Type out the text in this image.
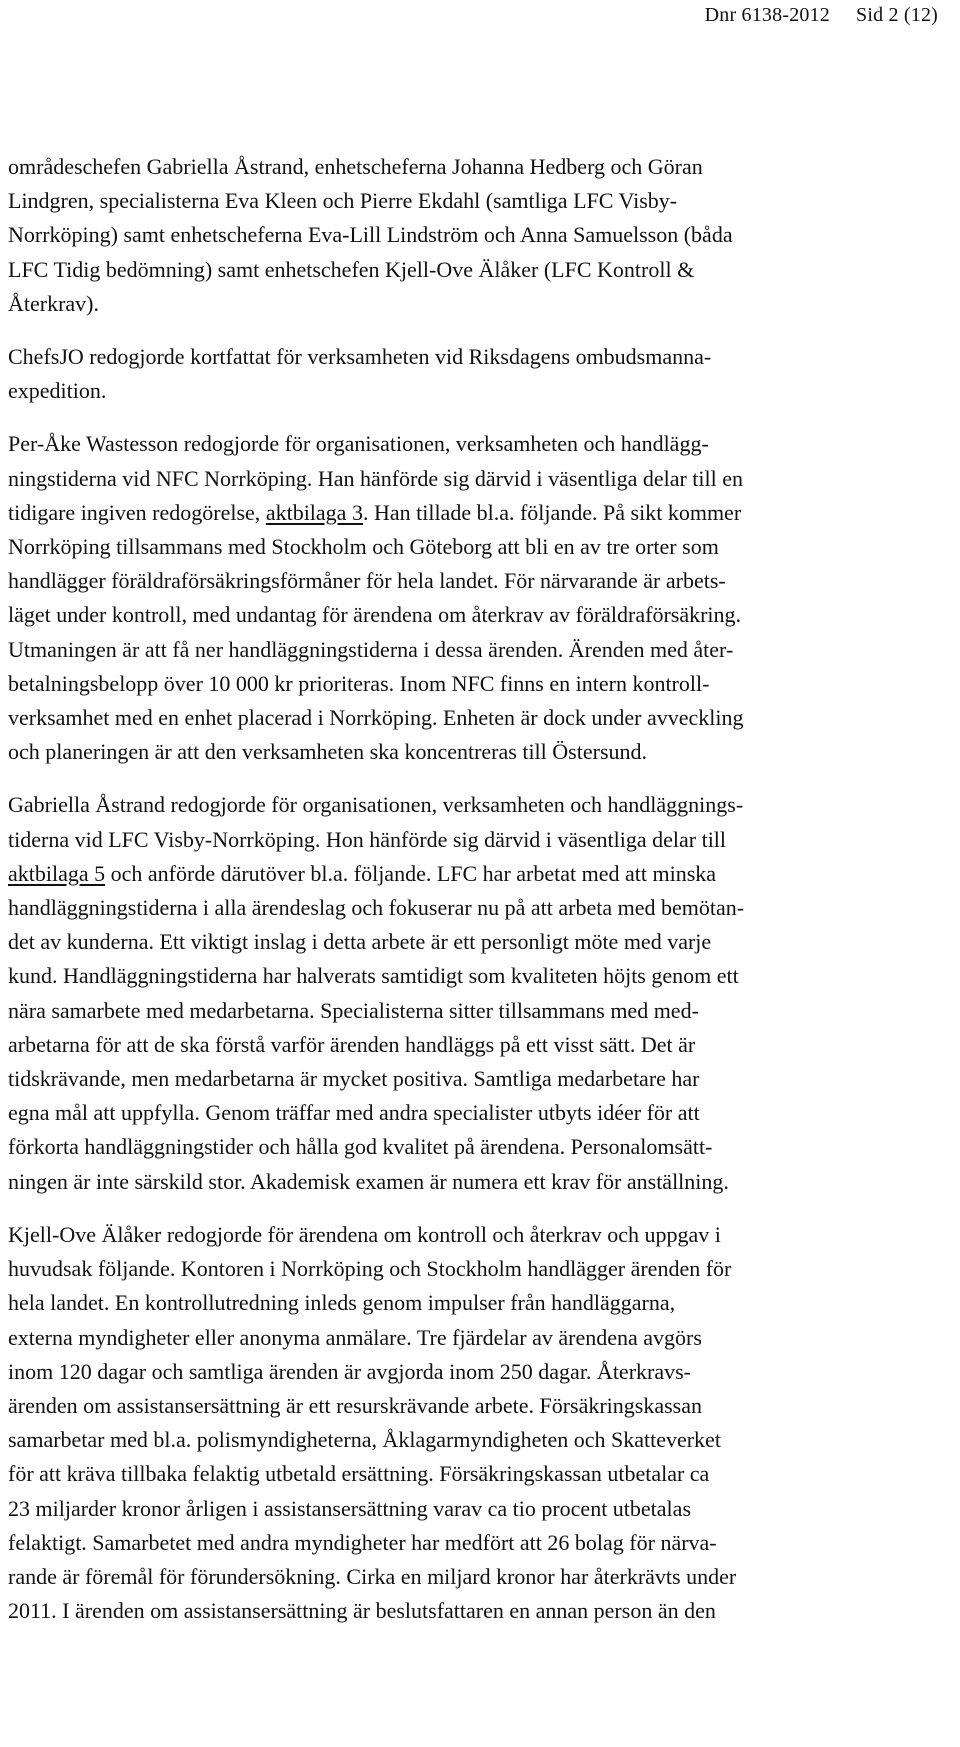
Dnr 6138-2012 Sid 2 (12)
områdeschefen Gabriella Åstrand, enhetscheferna Johanna Hedberg och Göran
Lindgren, specialisterna Eva Kleen och Pierre Ekdahl (samtliga LFC Visby-
Norrköping) samt enhetscheferna Eva-Lill Lindström och Anna Samuelsson (båda
LFC Tidig bedömning) samt enhetschefen Kjell-Ove Älåker (LFC Kontroll &
Återkrav).
ChefsJO redogjorde kortfattat för verksamheten vid Riksdagens ombudsmanna-
expedition.
Per-Åke Wastesson redogjorde för organisationen, verksamheten och handlägg-
ningstiderna vid NFC Norrköping. Han hänförde sig därvid i väsentliga delar till en
tidigare ingiven redogörelse, aktbilaga 3. Han tillade bl.a. följande. På sikt kommer
Norrköping tillsammans med Stockholm och Göteborg att bli en av tre orter som
handlägger föräldraförsäkringsförmåner för hela landet. För närvarande är arbets-
läget under kontroll, med undantag för ärendena om återkrav av föräldraförsäkring.
Utmaningen är att få ner handläggningstiderna i dessa ärenden. Ärenden med åter-
betalningsbelopp över 10 000 kr prioriteras. Inom NFC finns en intern kontroll-
verksamhet med en enhet placerad i Norrköping. Enheten är dock under avveckling
och planeringen är att den verksamheten ska koncentreras till Östersund.
Gabriella Åstrand redogjorde för organisationen, verksamheten och handläggnings-
tiderna vid LFC Visby-Norrköping. Hon hänförde sig därvid i väsentliga delar till
aktbilaga 5 och anförde därutöver bl.a. följande. LFC har arbetat med att minska
handläggningstiderna i alla ärendeslag och fokuserar nu på att arbeta med bemötan-
det av kunderna. Ett viktigt inslag i detta arbete är ett personligt möte med varje
kund. Handläggningstiderna har halverats samtidigt som kvaliteten höjts genom ett
nära samarbete med medarbetarna. Specialisterna sitter tillsammans med med-
arbetarna för att de ska förstå varför ärenden handläggs på ett visst sätt. Det är
tidskrävande, men medarbetarna är mycket positiva. Samtliga medarbetare har
egna mål att uppfylla. Genom träffar med andra specialister utbyts idéer för att
förkorta handläggningstider och hålla god kvalitet på ärendena. Personalomsätt-
ningen är inte särskild stor. Akademisk examen är numera ett krav för anställning.
Kjell-Ove Älåker redogjorde för ärendena om kontroll och återkrav och uppgav i
huvudsak följande. Kontoren i Norrköping och Stockholm handlägger ärenden för
hela landet. En kontrollutredning inleds genom impulser från handläggarna,
externa myndigheter eller anonyma anmälare. Tre fjärdelar av ärendena avgörs
inom 120 dagar och samtliga ärenden är avgjorda inom 250 dagar. Återkravs-
ärenden om assistansersättning är ett resurskrävande arbete. Försäkringskassan
samarbetar med bl.a. polismyndigheterna, Åklagarmyndigheten och Skatteverket
för att kräva tillbaka felaktig utbetald ersättning. Försäkringskassan utbetalar ca
23 miljarder kronor årligen i assistansersättning varav ca tio procent utbetalas
felaktigt. Samarbetet med andra myndigheter har medfört att 26 bolag för närva-
rande är föremål för förundersökning. Cirka en miljard kronor har återkrävts under
2011. I ärenden om assistansersättning är beslutsfattaren en annan person än den
